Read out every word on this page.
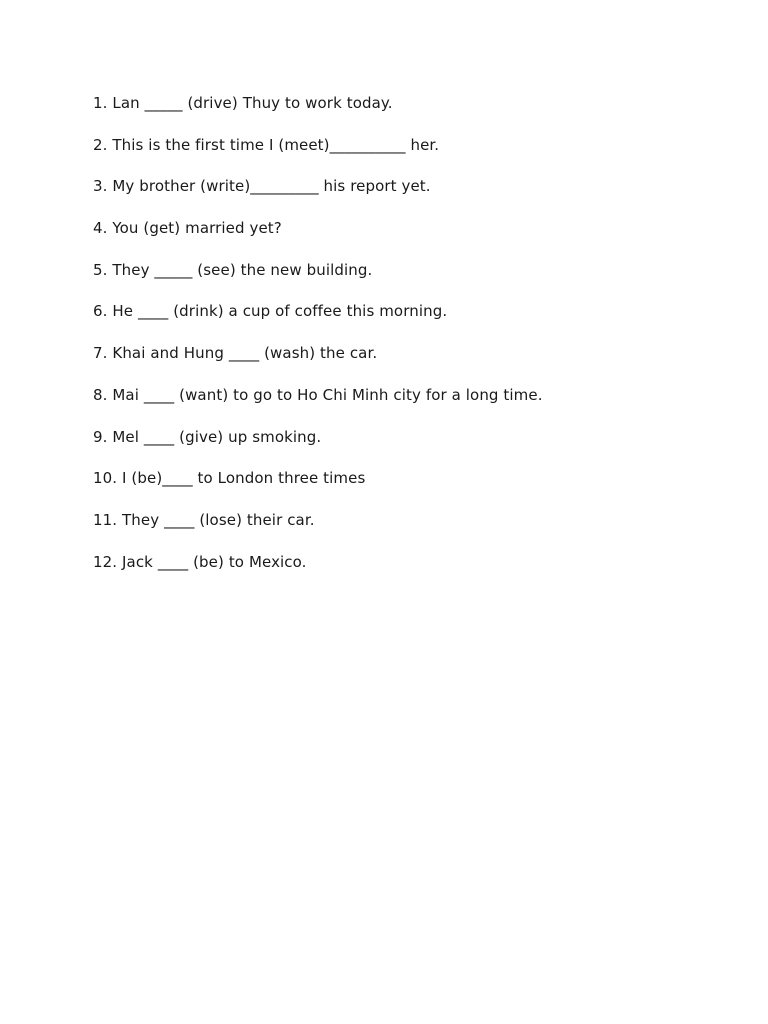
1. Lan _____ (drive) Thuy to work today.
2. This is the first time I (meet)__________ her.
3. My brother (write)_________ his report yet.
4. You (get) married yet?
5. They _____ (see) the new building.
6. He ____ (drink) a cup of coffee this morning.
7. Khai and Hung ____ (wash) the car.
8. Mai ____ (want) to go to Ho Chi Minh city for a long time.
9. Mel ____ (give) up smoking.
10. I (be)____ to London three times
11. They ____ (lose) their car.
12. Jack ____ (be) to Mexico.
